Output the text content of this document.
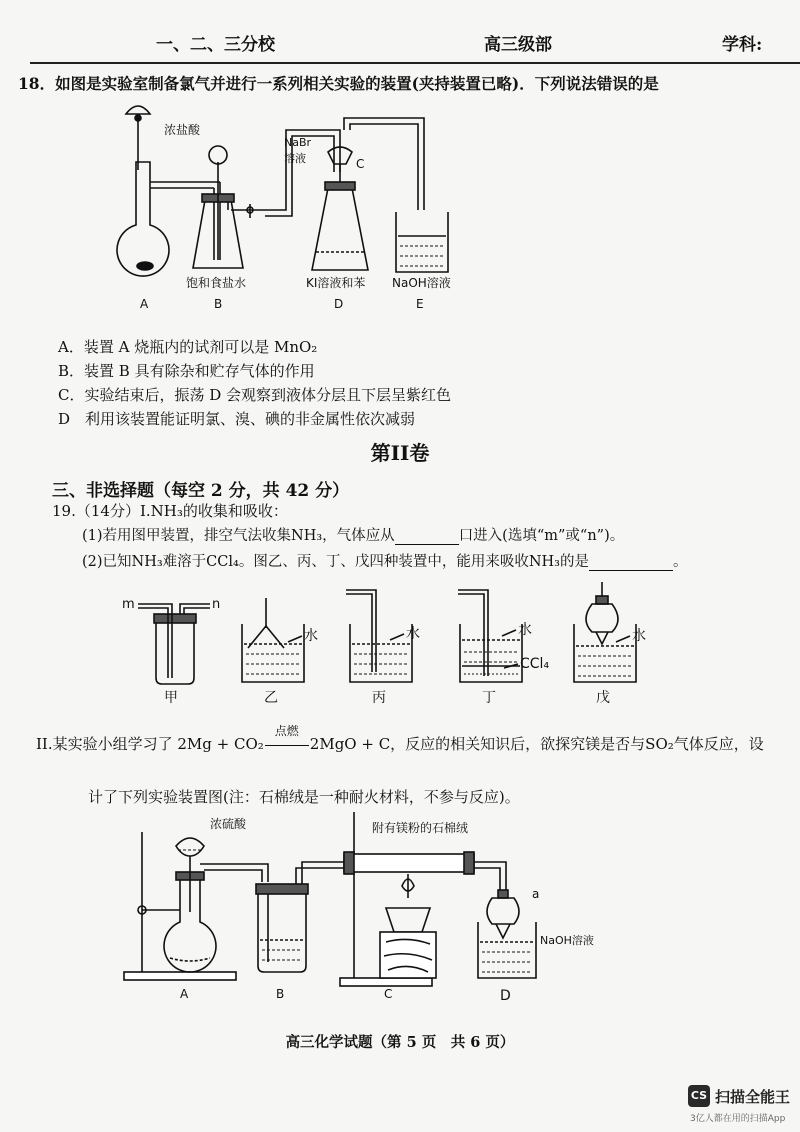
一、二、三分校	高三级部	学科:
18．如图是实验室制备氯气并进行一系列相关实验的装置(夹持装置已略)．下列说法错误的是
浓盐酸
NaBr
溶液	C
饱和食盐水	KI溶液和苯 NaOH溶液
A	B	D	E
A．装置 A 烧瓶内的试剂可以是 MnO₂
B．装置 B 具有除杂和贮存气体的作用
C．实验结束后，振荡 D 会观察到液体分层且下层呈紫红色
D　利用该装置能证明氯、溴、碘的非金属性依次减弱
第II卷
三、非选择题（每空 2 分，共 42 分）
19.（14分）Ⅰ.NH₃的收集和吸收：
(1)若用图甲装置，排空气法收集NH₃，气体应从	口进入(选填“m”或“n”)。
(2)已知NH₃难溶于CCl₄。图乙、丙、丁、戊四种装置中，能用来吸收NH₃的是	。
m	n
水	水	水
CCl₄
水
甲	乙	丙	丁	戊
II.某实验小组学习了 2Mg + CO₂
点燃
2MgO + C，反应的相关知识后，欲探究镁是否与SO₂气体反应，设
计了下列实验装置图(注：石棉绒是一种耐火材料，不参与反应)。
浓硫酸	附有镁粉的石棉绒
a
NaOH溶液
A	B	C	D
高三化学试题（第 5 页　共 6 页）
CS 扫描全能王
3亿人都在用的扫描App
